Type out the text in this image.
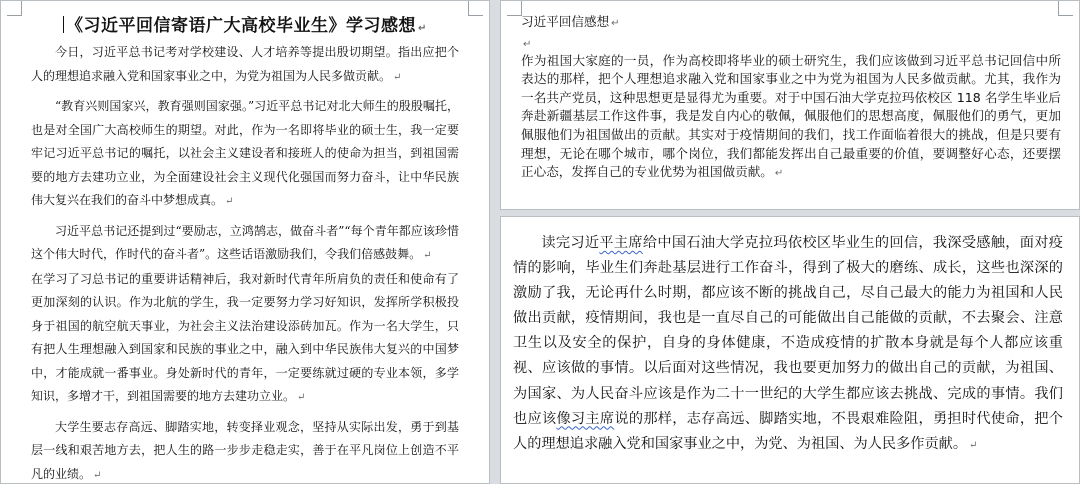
《习近平回信寄语广大高校毕业生》学习感想 ↵

今日，习近平总书记考对学校建设、人才培养等提出殷切期望。指出应把个人的理想追求融入党和国家事业之中，为党为祖国为人民多做贡献。 ↵

“教育兴则国家兴，教育强则国家强。”习近平总书记对北大师生的殷殷嘱托，也是对全国广大高校师生的期望。对此，作为一名即将毕业的硕士生，我一定要牢记习近平总书记的嘱托，以社会主义建设者和接班人的使命为担当，到祖国需要的地方去建功立业，为全面建设社会主义现代化强国而努力奋斗，让中华民族伟大复兴在我们的奋斗中梦想成真。 ↵

习近平总书记还提到过“要励志，立鸿鹄志，做奋斗者”“每个青年都应该珍惜这个伟大时代，作时代的奋斗者”。这些话语激励我们，令我们倍感鼓舞。 ↵

在学习了习总书记的重要讲话精神后，我对新时代青年所肩负的责任和使命有了更加深刻的认识。作为北航的学生，我一定要努力学习好知识，发挥所学积极投身于祖国的航空航天事业，为社会主义法治建设添砖加瓦。作为一名大学生，只有把人生理想融入到国家和民族的事业之中，融入到中华民族伟大复兴的中国梦中，才能成就一番事业。身处新时代的青年，一定要练就过硬的专业本领，多学知识，多增才干，到祖国需要的地方去建功立业。 ↵

大学生要志存高远、脚踏实地，转变择业观念，坚持从实际出发，勇于到基层一线和艰苦地方去，把人生的路一步步走稳走实，善于在平凡岗位上创造不平凡的业绩。 ↵

习近平回信感想 ↵

↵

作为祖国大家庭的一员，作为高校即将毕业的硕士研究生，我们应该做到习近平总书记回信中所表达的那样，把个人理想追求融入党和国家事业之中为党为祖国为人民多做贡献。尤其，我作为一名共产党员，这种思想更是显得尤为重要。对于中国石油大学克拉玛依校区 118 名学生毕业后奔赴新疆基层工作这件事，我是发自内心的敬佩，佩服他们的思想高度，佩服他们的勇气，更加佩服他们为祖国做出的贡献。其实对于疫情期间的我们，找工作面临着很大的挑战，但是只要有理想，无论在哪个城市，哪个岗位，我们都能发挥出自己最重要的价值，要调整好心态，还要摆正心态，发挥自己的专业优势为祖国做贡献。 ↵

读完习近平主席给中国石油大学克拉玛依校区毕业生的回信，我深受感触，面对疫情的影响，毕业生们奔赴基层进行工作奋斗，得到了极大的磨练、成长，这些也深深的激励了我，无论再什么时期，都应该不断的挑战自己，尽自己最大的能力为祖国和人民做出贡献，疫情期间，我也是一直尽自己的可能做出自己能做的贡献，不去聚会、注意卫生以及安全的保护，自身的身体健康，不造成疫情的扩散本身就是每个人都应该重视、应该做的事情。以后面对这些情况，我也要更加努力的做出自己的贡献，为祖国、为国家、为人民奋斗应该是作为二十一世纪的大学生都应该去挑战、完成的事情。我们也应该像习主席说的那样，志存高远、脚踏实地，不畏艰难险阻，勇担时代使命，把个人的理想追求融入党和国家事业之中，为党、为祖国、为人民多作贡献。 ↵
